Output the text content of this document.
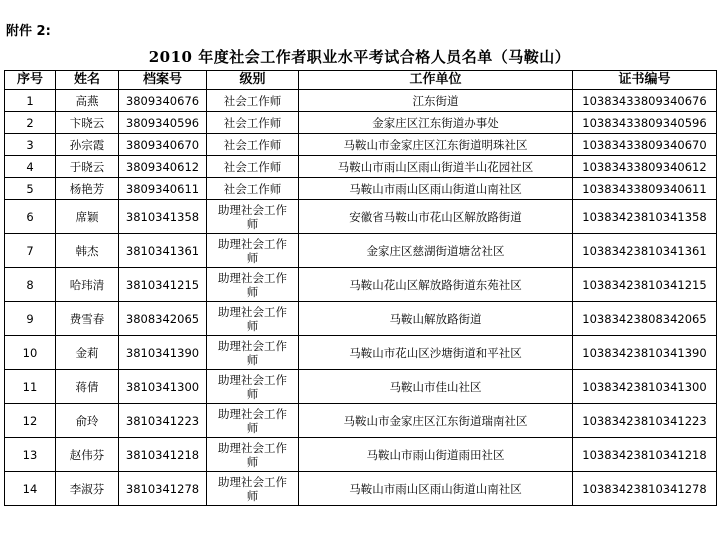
附件 2:
2010 年度社会工作者职业水平考试合格人员名单（马鞍山）
序号	姓名	档案号	级别	工作单位	证书编号
1	高燕	3809340676	社会工作师	江东街道	10383433809340676
2	卞晓云	3809340596	社会工作师	金家庄区江东街道办事处	10383433809340596
3	孙宗霞	3809340670	社会工作师	马鞍山市金家庄区江东街道明珠社区	10383433809340670
4	于晓云	3809340612	社会工作师	马鞍山市雨山区雨山街道半山花园社区	10383433809340612
5	杨艳芳	3809340611	社会工作师	马鞍山市雨山区雨山街道山南社区	10383433809340611
6	席颖	3810341358	助理社会工作师	安徽省马鞍山市花山区解放路街道	10383423810341358
7	韩杰	3810341361	助理社会工作师	金家庄区慈湖街道塘岔社区	10383423810341361
8	哈玮清	3810341215	助理社会工作师	马鞍山花山区解放路街道东苑社区	10383423810341215
9	费雪春	3808342065	助理社会工作师	马鞍山解放路街道	10383423808342065
10	金莉	3810341390	助理社会工作师	马鞍山市花山区沙塘街道和平社区	10383423810341390
11	蒋倩	3810341300	助理社会工作师	马鞍山市佳山社区	10383423810341300
12	俞玲	3810341223	助理社会工作师	马鞍山市金家庄区江东街道瑞南社区	10383423810341223
13	赵伟芬	3810341218	助理社会工作师	马鞍山市雨山街道雨田社区	10383423810341218
14	李淑芬	3810341278	助理社会工作师	马鞍山市雨山区雨山街道山南社区	10383423810341278
